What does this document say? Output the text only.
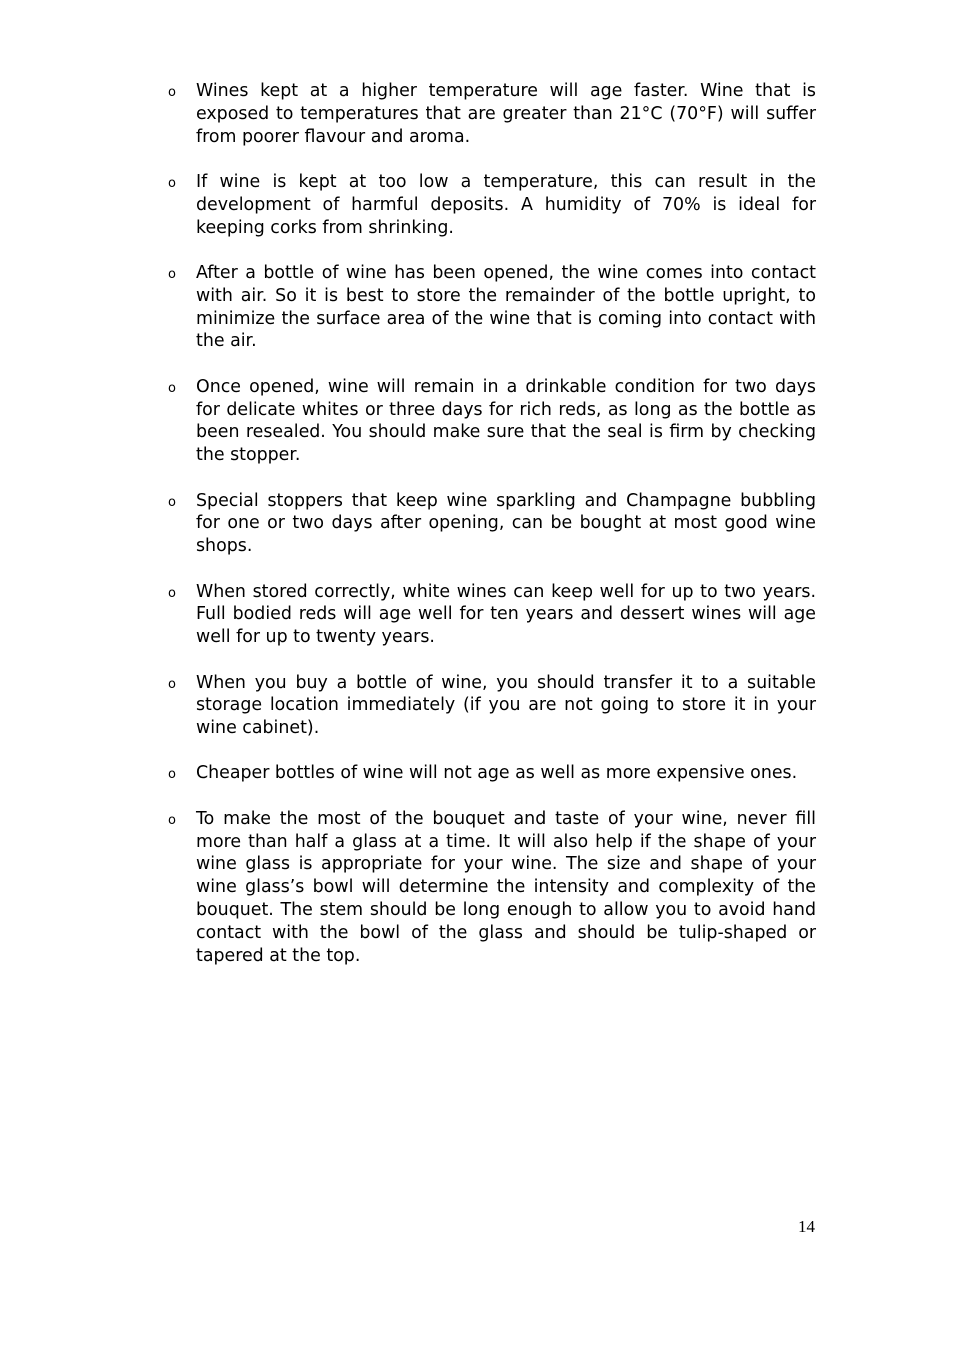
o	Wines kept at a higher temperature will age faster. Wine that is exposed to temperatures that are greater than 21°C (70°F) will suffer from poorer flavour and aroma.
o	If wine is kept at too low a temperature, this can result in the development of harmful deposits. A humidity of 70% is ideal for keeping corks from shrinking.
o	After a bottle of wine has been opened, the wine comes into contact with air. So it is best to store the remainder of the bottle upright, to minimize the surface area of the wine that is coming into contact with the air.
o	Once opened, wine will remain in a drinkable condition for two days for delicate whites or three days for rich reds, as long as the bottle as been resealed. You should make sure that the seal is firm by checking the stopper.
o	Special stoppers that keep wine sparkling and Champagne bubbling for one or two days after opening, can be bought at most good wine shops.
o	When stored correctly, white wines can keep well for up to two years. Full bodied reds will age well for ten years and dessert wines will age well for up to twenty years.
o	When you buy a bottle of wine, you should transfer it to a suitable storage location immediately (if you are not going to store it in your wine cabinet).
o	Cheaper bottles of wine will not age as well as more expensive ones.
o	To make the most of the bouquet and taste of your wine, never fill more than half a glass at a time. It will also help if the shape of your wine glass is appropriate for your wine. The size and shape of your wine glass’s bowl will determine the intensity and complexity of the bouquet. The stem should be long enough to allow you to avoid hand contact with the bowl of the glass and should be tulip-shaped or tapered at the top.
14
